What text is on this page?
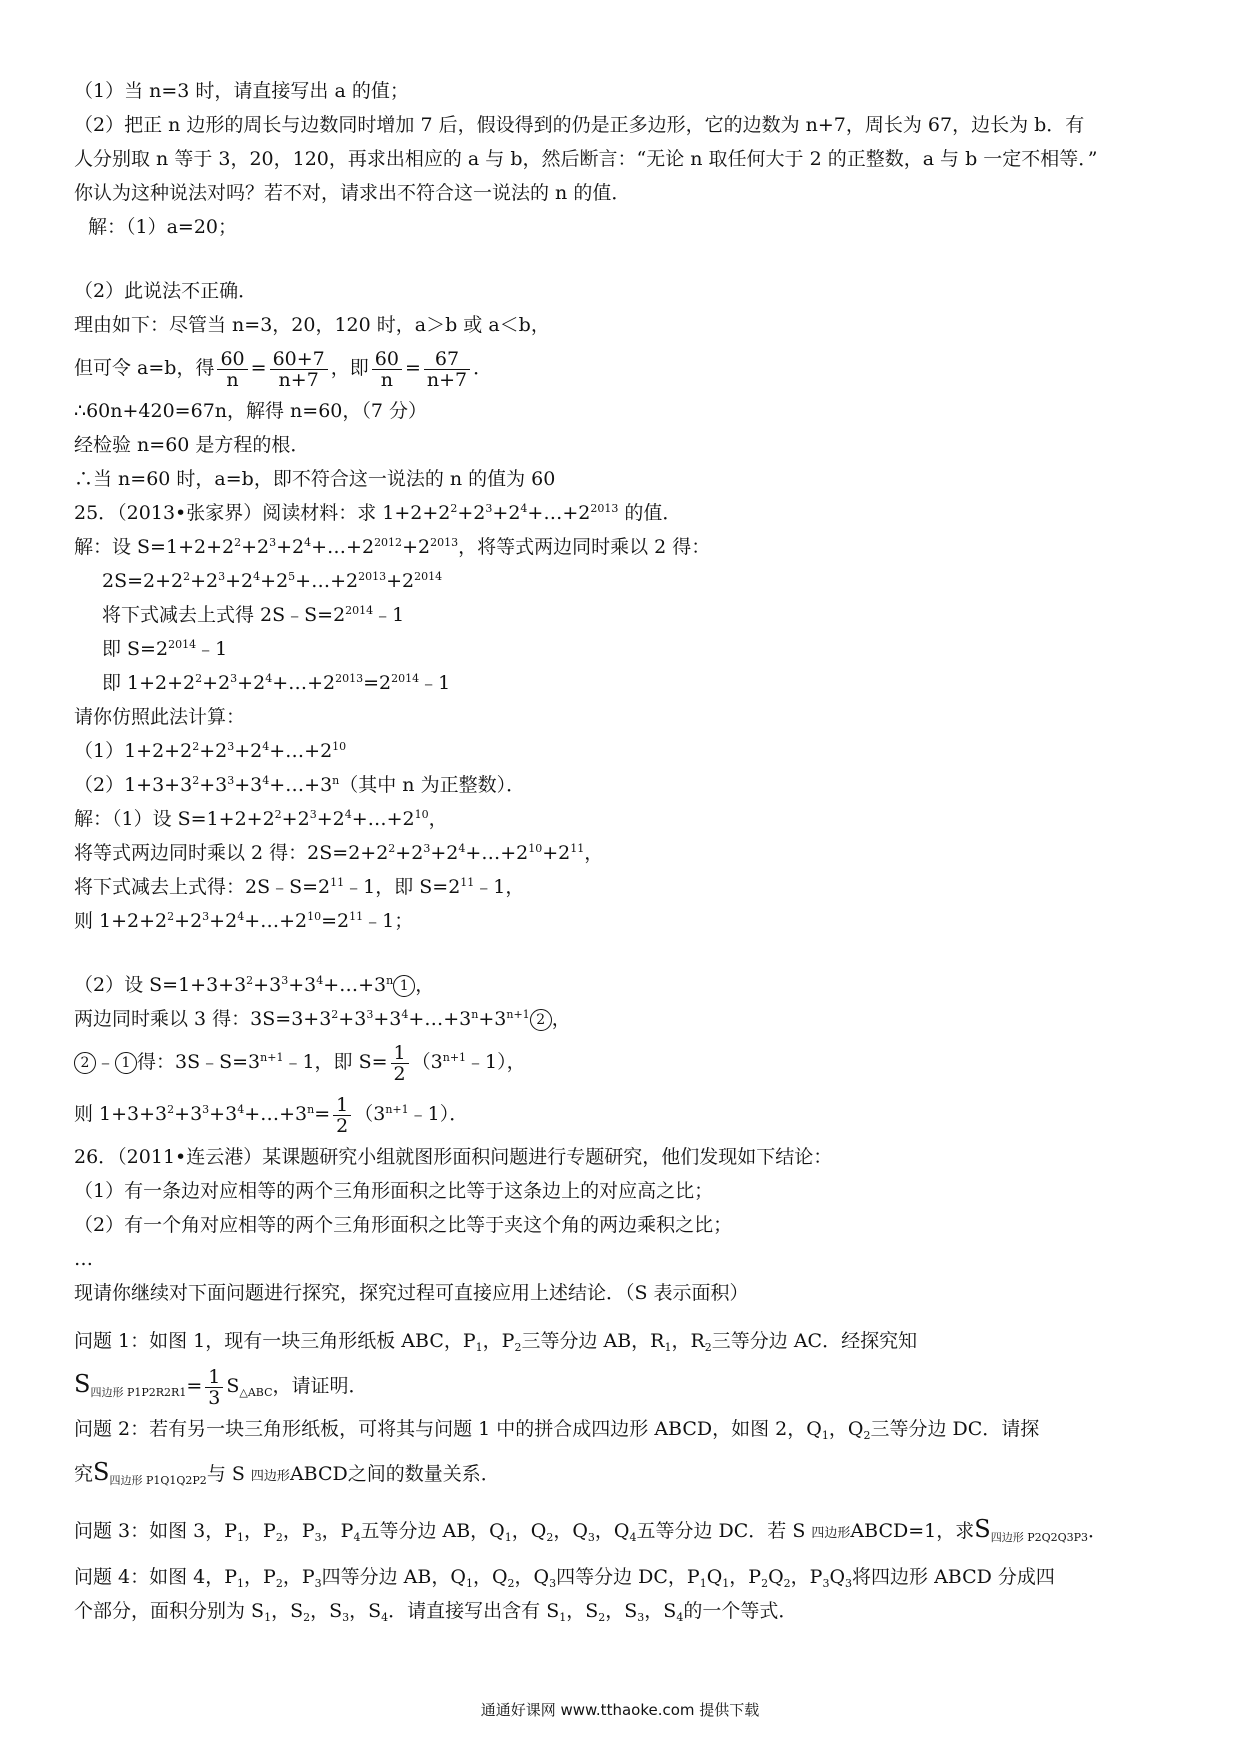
（1）当 n=3 时，请直接写出 a 的值；
（2）把正 n 边形的周长与边数同时增加 7 后，假设得到的仍是正多边形，它的边数为 n+7，周长为 67，边长为 b．有
人分别取 n 等于 3，20，120，再求出相应的 a 与 b，然后断言：“无论 n 取任何大于 2 的正整数，a 与 b 一定不相等．”
你认为这种说法对吗？若不对，请求出不符合这一说法的 n 的值．
解：（1）a=20；
（2）此说法不正确．
理由如下：尽管当 n=3，20，120 时，a＞b 或 a＜b，
但可令 a=b，得 $\frac{60}{n} = \frac{60+7}{n+7}$ ，即 $\frac{60}{n} = \frac{67}{n+7}$ ．
∴60n+420=67n，解得 n=60，（7 分）
经检验 n=60 是方程的根．
∴当 n=60 时，a=b，即不符合这一说法的 n 的值为 60
25．（2013•张家界）阅读材料：求 $1+2+2^2+2^3+2^4+\dots+2^{2013}$ 的值．
解：设 $S=1+2+2^2+2^3+2^4+\dots+2^{2012}+2^{2013}$，将等式两边同时乘以 2 得：
$2S=2+2^2+2^3+2^4+2^5+\dots+2^{2013}+2^{2014}$
将下式减去上式得 $2S﹣S=2^{2014}﹣1$
即 $S=2^{2014}﹣1$
即 $1+2+2^2+2^3+2^4+\dots+2^{2013}=2^{2014}﹣1$
请你仿照此法计算：
$(1)1+2+2^2+2^3+2^4+\dots+2^{10}$
$(2)1+3+3^2+3^3+3^4+\dots+3^n$（其中 n 为正整数）．
解：（1）设 $S=1+2+2^2+2^3+2^4+\dots+2^{10}$，
将等式两边同时乘以 2 得：$2S=2+2^2+2^3+2^4+\dots+2^{10}+2^{11}$，
将下式减去上式得：$2S﹣S=2^{11}﹣1$，即 $S=2^{11}﹣1$，
则 $1+2+2^2+2^3+2^4+\dots+2^{10}=2^{11}﹣1$；
（2）设 $S=1+3+3^2+3^3+3^4+\dots+3^n$ 1 ，
两边同时乘以 3 得：$3S=3+3^2+3^3+3^4+\dots+3^n+3^{n+1}$ 2 ，
2 ﹣ 1 得：$3S﹣S=3^{n+1}﹣1$，即 $S= \frac{1}{2}$ $(3^{n+1}﹣1)$，
则 $1+3+3^2+3^3+3^4+\dots+3^n= \frac{1}{2}$ $(3^{n+1}﹣1)$．
26．（2011•连云港）某课题研究小组就图形面积问题进行专题研究，他们发现如下结论：
（1）有一条边对应相等的两个三角形面积之比等于这条边上的对应高之比；
（2）有一个角对应相等的两个三角形面积之比等于夹这个角的两边乘积之比；
…
现请你继续对下面问题进行探究，探究过程可直接应用上述结论．（S 表示面积）
问题 1：如图 1，现有一块三角形纸板 ABC，$P_1$，$P_2$三等分边 AB，$R_1$，$R_2$三等分边 AC．经探究知
$S_{四边形 P1P2R2R1}= \frac{1}{3} S_{\triangle ABC}$，请证明．
问题 2：若有另一块三角形纸板，可将其与问题 1 中的拼合成四边形 ABCD，如图 2，$Q_1$，$Q_2$三等分边 DC．请探
究$S_{四边形 P1Q1Q2P2}$与 S 四边形ABCD之间的数量关系．
问题 3：如图 3，$P_1$，$P_2$，$P_3$，$P_4$五等分边 AB，$Q_1$，$Q_2$，$Q_3$，$Q_4$五等分边 DC．若 S 四边形ABCD=1，求$S_{四边形 P2Q2Q3P3}$．
问题 4：如图 4，$P_1$，$P_2$，$P_3$四等分边 AB，$Q_1$，$Q_2$，$Q_3$四等分边 DC，$P_1Q_1$，$P_2Q_2$，$P_3Q_3$将四边形 ABCD 分成四
个部分，面积分别为 $S_1$，$S_2$，$S_3$，$S_4$．请直接写出含有 $S_1$，$S_2$，$S_3$，$S_4$的一个等式．
通通好课网 www.tthaoke.com 提供下载
